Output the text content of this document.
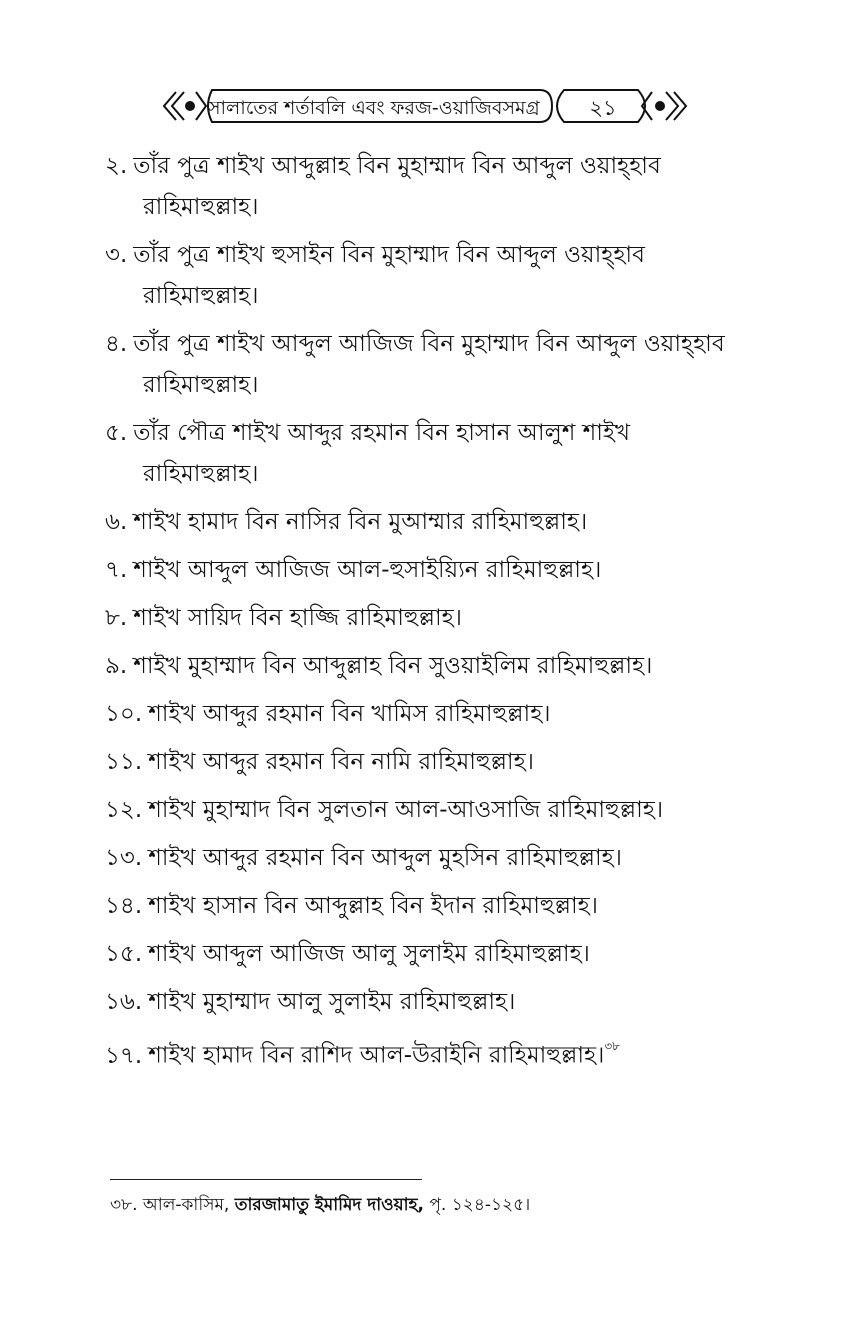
সালাতের শর্তাবলি এবং ফরজ-ওয়াজিবসমগ্র	২১
২. তাঁর পুত্র শাইখ আব্দুল্লাহ বিন মুহাম্মাদ বিন আব্দুল ওয়াহ্হাব
রাহিমাহুল্লাহ।
৩. তাঁর পুত্র শাইখ হুসাইন বিন মুহাম্মাদ বিন আব্দুল ওয়াহ্হাব
রাহিমাহুল্লাহ।
৪. তাঁর পুত্র শাইখ আব্দুল আজিজ বিন মুহাম্মাদ বিন আব্দুল ওয়াহ্হাব
রাহিমাহুল্লাহ।
৫. তাঁর পৌত্র শাইখ আব্দুর রহমান বিন হাসান আলুশ শাইখ
রাহিমাহুল্লাহ।
৬. শাইখ হামাদ বিন নাসির বিন মুআম্মার রাহিমাহুল্লাহ।
৭. শাইখ আব্দুল আজিজ আল-হুসাইয়্যিন রাহিমাহুল্লাহ।
৮. শাইখ সায়িদ বিন হাজ্জি রাহিমাহুল্লাহ।
৯. শাইখ মুহাম্মাদ বিন আব্দুল্লাহ বিন সুওয়াইলিম রাহিমাহুল্লাহ।
১০. শাইখ আব্দুর রহমান বিন খামিস রাহিমাহুল্লাহ।
১১. শাইখ আব্দুর রহমান বিন নামি রাহিমাহুল্লাহ।
১২. শাইখ মুহাম্মাদ বিন সুলতান আল-আওসাজি রাহিমাহুল্লাহ।
১৩. শাইখ আব্দুর রহমান বিন আব্দুল মুহসিন রাহিমাহুল্লাহ।
১৪. শাইখ হাসান বিন আব্দুল্লাহ বিন ইদান রাহিমাহুল্লাহ।
১৫. শাইখ আব্দুল আজিজ আলু সুলাইম রাহিমাহুল্লাহ।
১৬. শাইখ মুহাম্মাদ আলু সুলাইম রাহিমাহুল্লাহ।
১৭. শাইখ হামাদ বিন রাশিদ আল-উরাইনি রাহিমাহুল্লাহ।$^{৩৮}$
৩৮. আল-কাসিম, তারজামাতু ইমামিদ দাওয়াহ, পৃ. ১২৪-১২৫।
